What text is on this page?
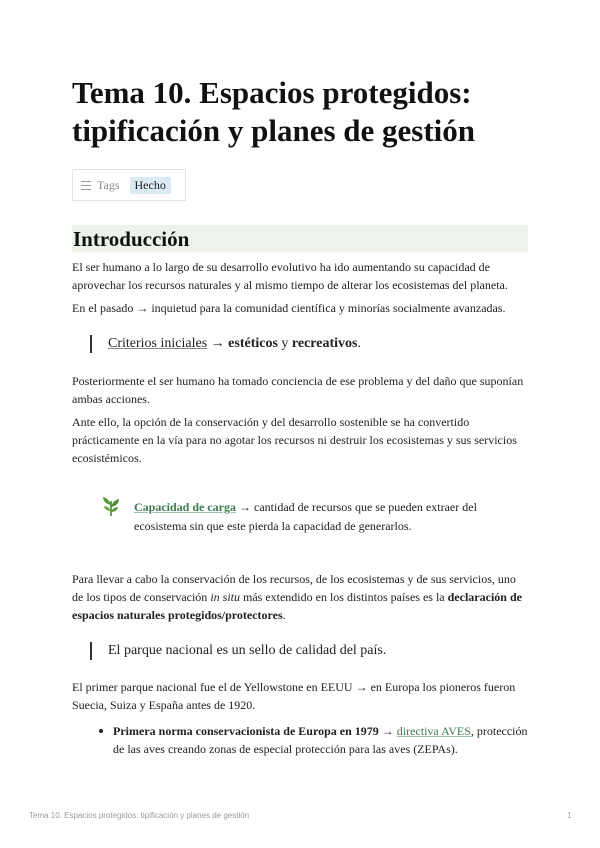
Tema 10. Espacios protegidos: tipificación y planes de gestión
Tags	Hecho
Introducción

El ser humano a lo largo de su desarrollo evolutivo ha ido aumentando su capacidad de aprovechar los recursos naturales y al mismo tiempo de alterar los ecosistemas del planeta.

En el pasado → inquietud para la comunidad científica y minorías socialmente avanzadas.

Criterios iniciales → estéticos y recreativos.

Posteriormente el ser humano ha tomado conciencia de ese problema y del daño que suponían ambas acciones.

Ante ello, la opción de la conservación y del desarrollo sostenible se ha convertido prácticamente en la vía para no agotar los recursos ni destruir los ecosistemas y sus servicios ecosistémicos.

Capacidad de carga → cantidad de recursos que se pueden extraer del ecosistema sin que este pierda la capacidad de generarlos.

Para llevar a cabo la conservación de los recursos, de los ecosistemas y de sus servicios, uno de los tipos de conservación in situ más extendido en los distintos países es la declaración de espacios naturales protegidos/protectores.

El parque nacional es un sello de calidad del país.

El primer parque nacional fue el de Yellowstone en EEUU → en Europa los pioneros fueron Suecia, Suiza y España antes de 1920.

Primera norma conservacionista de Europa en 1979 → directiva AVES, protección de las aves creando zonas de especial protección para las aves (ZEPAs).
Tema 10. Espacios protegidos: tipificación y planes de gestión	1
